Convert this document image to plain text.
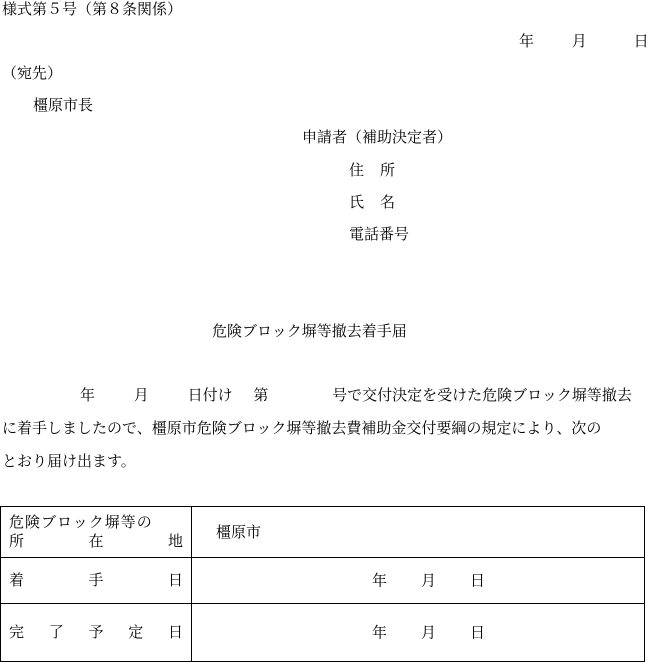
様式第５号（第８条関係）
年	月	日
（宛先）
橿原市長
申請者（補助決定者）
住所
氏名
電話番号
危険ブロック塀等撤去着手届
年	月	日付け 第	号で交付決定を受けた危険ブロック塀等撤去
に着手しましたので、橿原市危険ブロック塀等撤去費補助金交付要綱の規定により、次の
とおり届け出ます。
危険ブロック塀等の
所 在 地	橿原市

着 手 日	年 月 日

完 了 予 定 日	年 月 日
